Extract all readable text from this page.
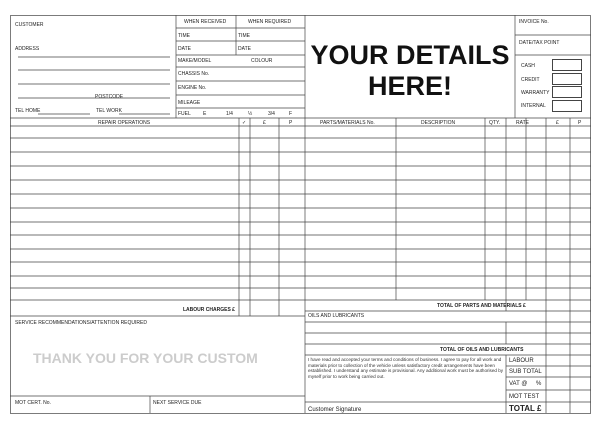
CUSTOMER
ADDRESS
POSTCODE
TEL HOME	TEL WORK
WHEN RECEIVED	WHEN REQUIRED
TIME	TIME
DATE	DATE
MAKE/MODEL	COLOUR
CHASSIS No.
ENGINE No.
MILEAGE
FUEL E	1/4	½	3/4	F
YOUR DETAILS
HERE!
INVOICE No.
DATE/TAX POINT
CASH
CREDIT
WARRANTY
INTERNAL
REPAIR OPERATIONS	✓	£	P
LABOUR CHARGES £
PARTS/MATERIALS No.	DESCRIPTION	QTY.	RATE	£	P
TOTAL OF PARTS AND MATERIALS £
OILS AND LUBRICANTS
TOTAL OF OILS AND LUBRICANTS
SERVICE RECOMMENDATIONS/ATTENTION REQUIRED
THANK YOU FOR YOUR CUSTOM
MOT CERT. No.	NEXT SERVICE DUE
I have read and accepted your terms and conditions of business. I agree to pay for all work and materials prior to collection of the vehicle unless satisfactory credit arrangements have been established. I understand any estimate is provisional. Any additional work must be authorised by myself prior to work being carried out.
Customer Signature
LABOUR
SUB TOTAL
VAT @ %
MOT TEST
TOTAL £
